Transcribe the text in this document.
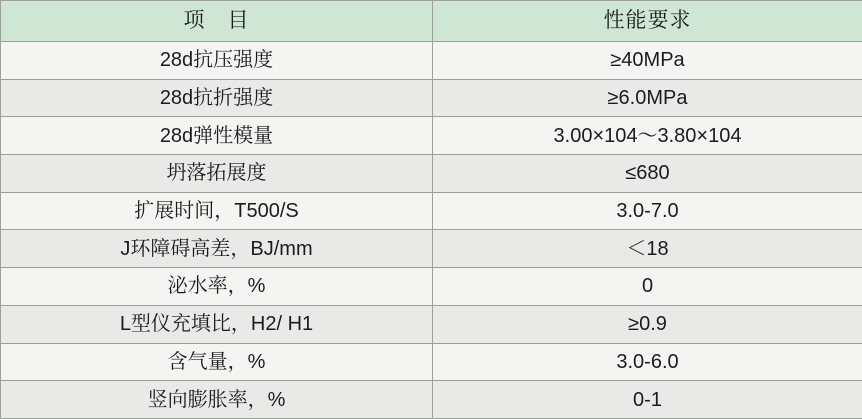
项　目	性能要求

28d抗压强度	≥40MPa

28d抗折强度	≥6.0MPa

28d弹性模量	3.00×104～3.80×104

坍落拓展度	≤680

扩展时间，T500/S	3.0-7.0

J环障碍高差，BJ/mm	＜18

泌水率，%	0

L型仪充填比，H2/ H1	≥0.9

含气量，%	3.0-6.0

竖向膨胀率，%	0-1
